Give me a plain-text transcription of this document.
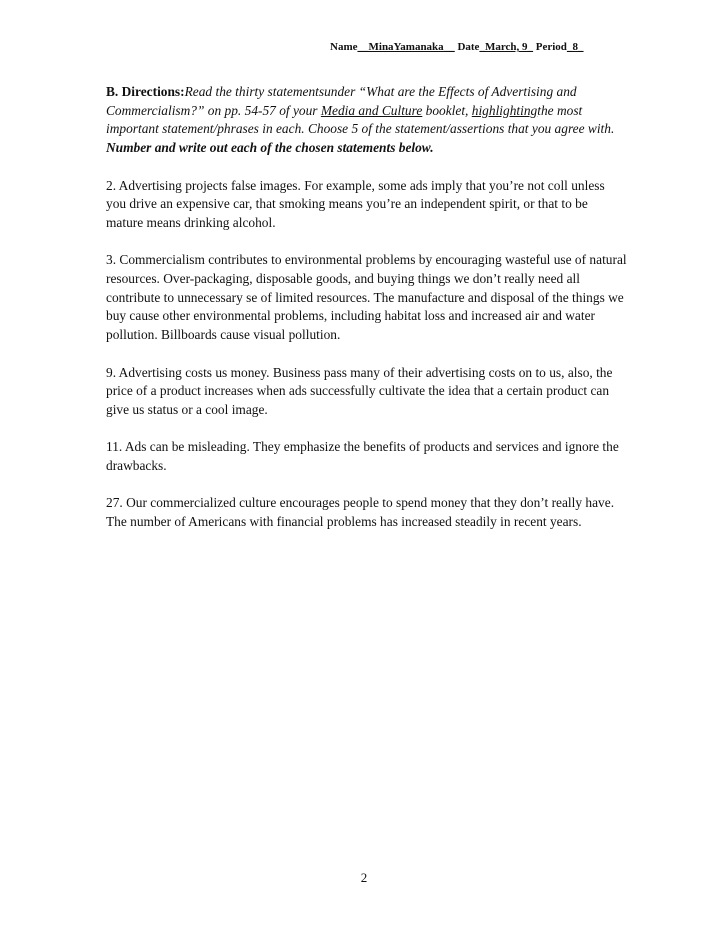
Name__MinaYamanaka__ Date_March, 9_ Period_8_

B. Directions:Read the thirty statementsunder “What are the Effects of Advertising and Commercialism?” on pp. 54-57 of your Media and Culture booklet, highlightingthe most important statement/phrases in each. Choose 5 of the statement/assertions that you agree with. Number and write out each of the chosen statements below.

2. Advertising projects false images. For example, some ads imply that you’re not coll unless you drive an expensive car, that smoking means you’re an independent spirit, or that to be mature means drinking alcohol.

3. Commercialism contributes to environmental problems by encouraging wasteful use of natural resources. Over-packaging, disposable goods, and buying things we don’t really need all contribute to unnecessary se of limited resources. The manufacture and disposal of the things we buy cause other environmental problems, including habitat loss and increased air and water pollution. Billboards cause visual pollution.

9. Advertising costs us money. Business pass many of their advertising costs on to us, also, the price of a product increases when ads successfully cultivate the idea that a certain product can give us status or a cool image.

11. Ads can be misleading. They emphasize the benefits of products and services and ignore the drawbacks.

27. Our commercialized culture encourages people to spend money that they don’t really have. The number of Americans with financial problems has increased steadily in recent years.

2
